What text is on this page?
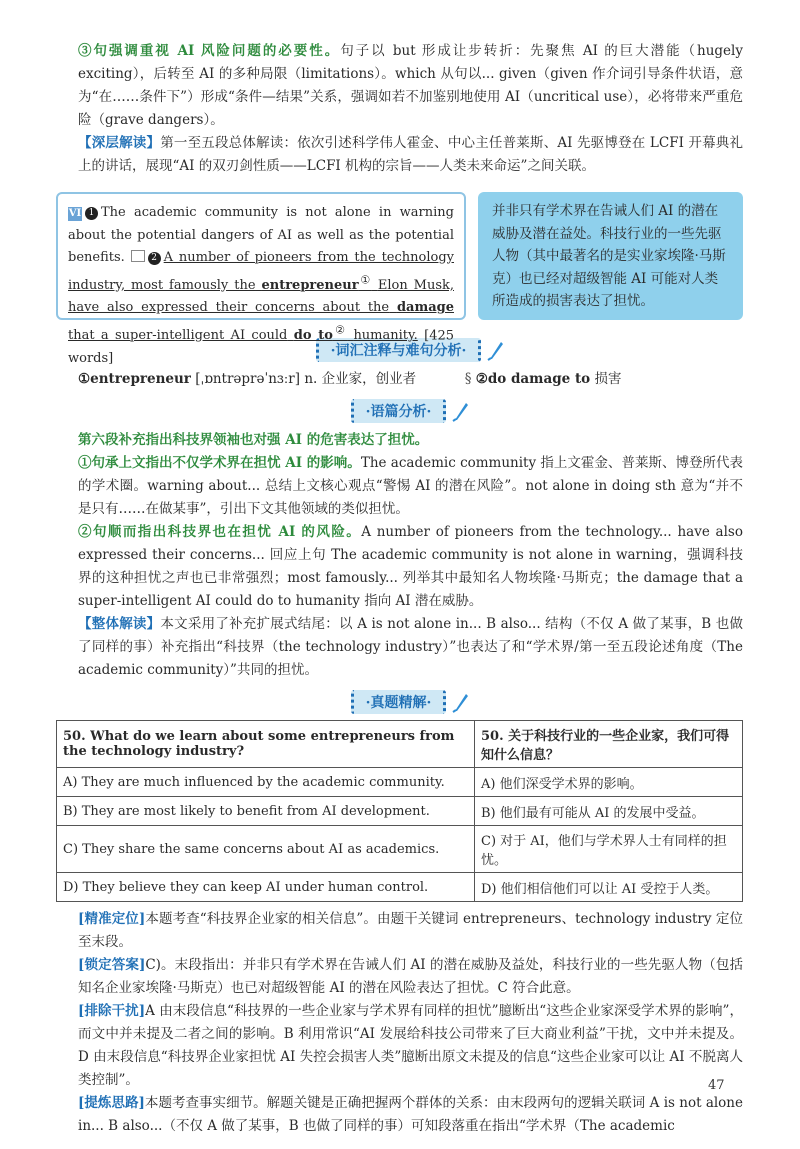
③句强调重视 AI 风险问题的必要性。句子以 but 形成让步转折：先聚焦 AI 的巨大潜能（hugely exciting），后转至 AI 的多种局限（limitations）。which 从句以... given（given 作介词引导条件状语，意为“在……条件下”）形成“条件—结果”关系，强调如若不加鉴别地使用 AI（uncritical use），必将带来严重危险（grave dangers）。

【深层解读】第一至五段总体解读：依次引述科学伟人霍金、中心主任普莱斯、AI 先驱博登在 LCFI 开幕典礼上的讲话，展现“AI 的双刃剑性质——LCFI 机构的宗旨——人类未来命运”之间关联。

VI 1 The academic community is not alone in warning about the potential dangers of AI as well as the potential benefits.	2 A number of pioneers from the technology industry, most famously the entrepreneur① Elon Musk, have also expressed their concerns about the damage that a super-intelligent AI could do to② humanity. [425 words]
并非只有学术界在告诫人们 AI 的潜在威胁及潜在益处。科技行业的一些先驱人物（其中最著名的是实业家埃隆·马斯克）也已经对超级智能 AI 可能对人类所造成的损害表达了担忧。
·词汇注释与难句分析·

①entrepreneur [ˌɒntrəprəˈnɜːr] n. 企业家，创业者	§ ②do damage to 损害

·语篇分析·

第六段补充指出科技界领袖也对强 AI 的危害表达了担忧。

①句承上文指出不仅学术界在担忧 AI 的影响。The academic community 指上文霍金、普莱斯、博登所代表的学术圈。warning about... 总结上文核心观点“警惕 AI 的潜在风险”。not alone in doing sth 意为“并不是只有……在做某事”，引出下文其他领域的类似担忧。

②句顺而指出科技界也在担忧 AI 的风险。A number of pioneers from the technology... have also expressed their concerns... 回应上句 The academic community is not alone in warning，强调科技界的这种担忧之声也已非常强烈；most famously... 列举其中最知名人物埃隆·马斯克；the damage that a super-intelligent AI could do to humanity 指向 AI 潜在威胁。

【整体解读】本文采用了补充扩展式结尾：以 A is not alone in... B also... 结构（不仅 A 做了某事，B 也做了同样的事）补充指出“科技界（the technology industry）”也表达了和“学术界/第一至五段论述角度（The academic community）”共同的担忧。

·真题精解·
50. What do we learn about some entrepreneurs from the technology industry?	50. 关于科技行业的一些企业家，我们可得知什么信息？
A) They are much influenced by the academic community.	A) 他们深受学术界的影响。
B) They are most likely to benefit from AI development.	B) 他们最有可能从 AI 的发展中受益。
C) They share the same concerns about AI as academics.	C) 对于 AI，他们与学术界人士有同样的担忧。
D) They believe they can keep AI under human control.	D) 他们相信他们可以让 AI 受控于人类。

[精准定位]本题考查“科技界企业家的相关信息”。由题干关键词 entrepreneurs、technology industry 定位至末段。

[锁定答案]C)。末段指出：并非只有学术界在告诫人们 AI 的潜在威胁及益处，科技行业的一些先驱人物（包括知名企业家埃隆·马斯克）也已对超级智能 AI 的潜在风险表达了担忧。C 符合此意。

[排除干扰]A 由末段信息“科技界的一些企业家与学术界有同样的担忧”臆断出“这些企业家深受学术界的影响”，而文中并未提及二者之间的影响。B 利用常识“AI 发展给科技公司带来了巨大商业利益”干扰，文中并未提及。D 由末段信息“科技界企业家担忧 AI 失控会损害人类”臆断出原文未提及的信息“这些企业家可以让 AI 不脱离人类控制”。

[提炼思路]本题考查事实细节。解题关键是正确把握两个群体的关系：由末段两句的逻辑关联词 A is not alone in... B also...（不仅 A 做了某事，B 也做了同样的事）可知段落重在指出“学术界（The academic

47
